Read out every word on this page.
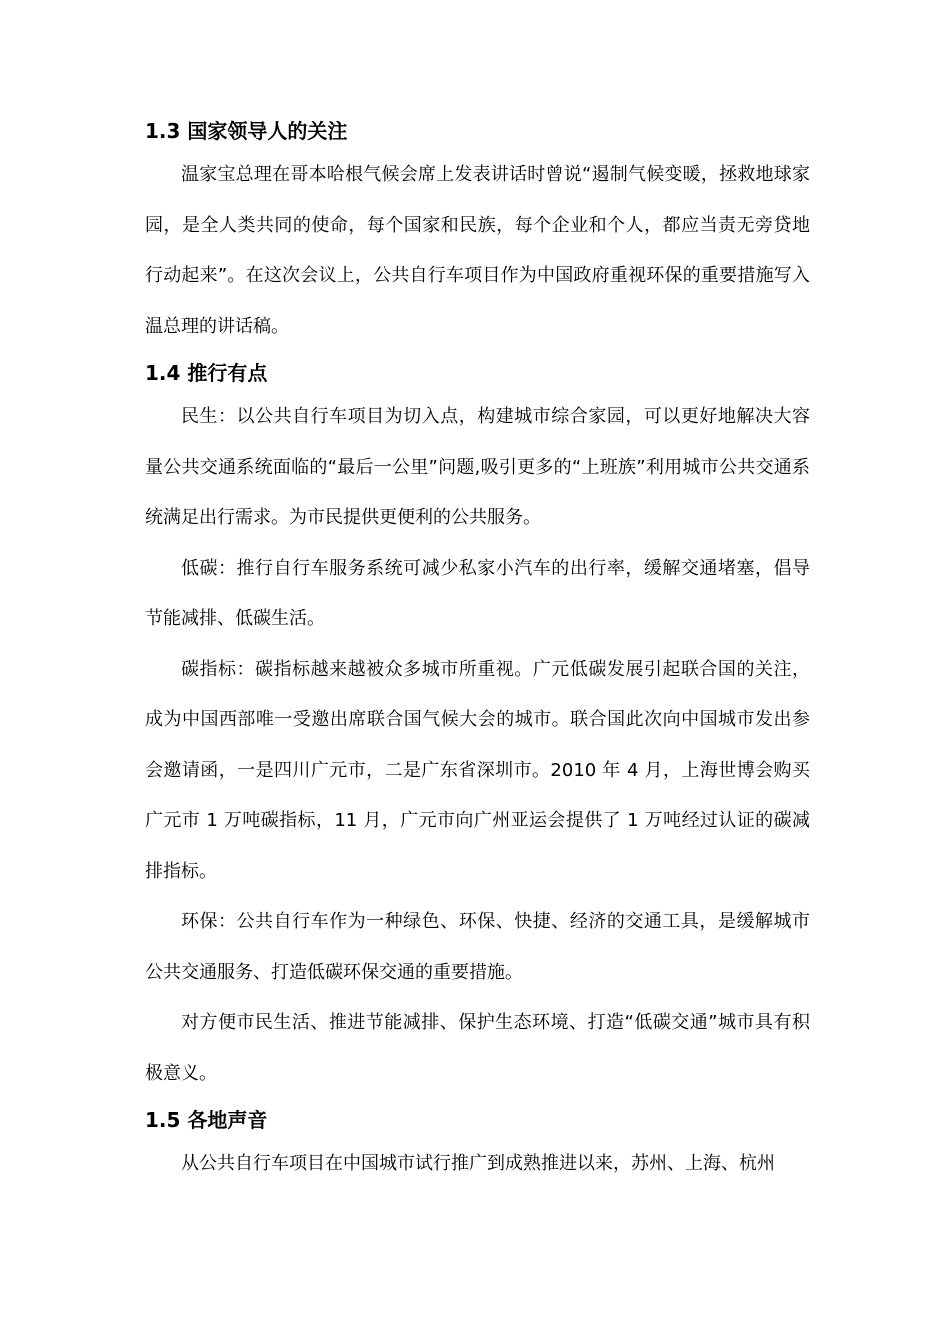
1.3 国家领导人的关注

温家宝总理在哥本哈根气候会席上发表讲话时曾说“遏制气候变暖，拯救地球家园，是全人类共同的使命，每个国家和民族，每个企业和个人，都应当责无旁贷地行动起来”。在这次会议上，公共自行车项目作为中国政府重视环保的重要措施写入温总理的讲话稿。

1.4 推行有点

民生：以公共自行车项目为切入点，构建城市综合家园，可以更好地解决大容量公共交通系统面临的“最后一公里”问题,吸引更多的“上班族”利用城市公共交通系统满足出行需求。为市民提供更便利的公共服务。

低碳：推行自行车服务系统可减少私家小汽车的出行率，缓解交通堵塞，倡导节能减排、低碳生活。

碳指标：碳指标越来越被众多城市所重视。广元低碳发展引起联合国的关注，成为中国西部唯一受邀出席联合国气候大会的城市。联合国此次向中国城市发出参会邀请函，一是四川广元市，二是广东省深圳市。2010 年 4 月，上海世博会购买广元市 1 万吨碳指标，11 月，广元市向广州亚运会提供了 1 万吨经过认证的碳减排指标。

环保：公共自行车作为一种绿色、环保、快捷、经济的交通工具，是缓解城市公共交通服务、打造低碳环保交通的重要措施。

对方便市民生活、推进节能减排、保护生态环境、打造“低碳交通”城市具有积极意义。

1.5 各地声音

从公共自行车项目在中国城市试行推广到成熟推进以来，苏州、上海、杭州
